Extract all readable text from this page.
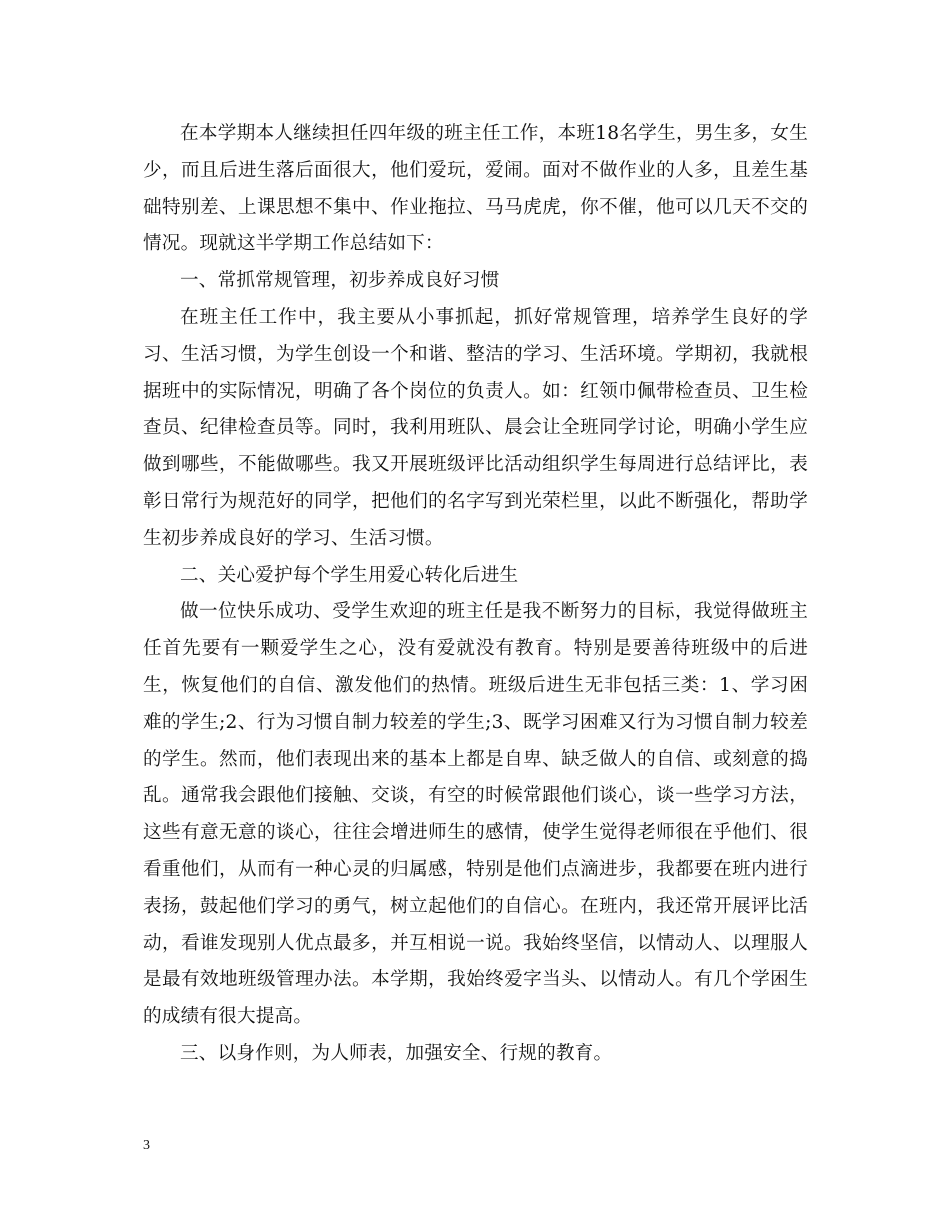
在本学期本人继续担任四年级的班主任工作，本班18名学生，男生多，女生少，而且后进生落后面很大，他们爱玩，爱闹。面对不做作业的人多，且差生基础特别差、上课思想不集中、作业拖拉、马马虎虎，你不催，他可以几天不交的情况。现就这半学期工作总结如下：

一、常抓常规管理，初步养成良好习惯

在班主任工作中，我主要从小事抓起，抓好常规管理，培养学生良好的学习、生活习惯，为学生创设一个和谐、整洁的学习、生活环境。学期初，我就根据班中的实际情况，明确了各个岗位的负责人。如：红领巾佩带检查员、卫生检查员、纪律检查员等。同时，我利用班队、晨会让全班同学讨论，明确小学生应做到哪些，不能做哪些。我又开展班级评比活动组织学生每周进行总结评比，表彰日常行为规范好的同学，把他们的名字写到光荣栏里，以此不断强化，帮助学生初步养成良好的学习、生活习惯。

二、关心爱护每个学生用爱心转化后进生

做一位快乐成功、受学生欢迎的班主任是我不断努力的目标，我觉得做班主任首先要有一颗爱学生之心，没有爱就没有教育。特别是要善待班级中的后进生，恢复他们的自信、激发他们的热情。班级后进生无非包括三类：1、学习困难的学生;2、行为习惯自制力较差的学生;3、既学习困难又行为习惯自制力较差的学生。然而，他们表现出来的基本上都是自卑、缺乏做人的自信、或刻意的捣乱。通常我会跟他们接触、交谈，有空的时候常跟他们谈心，谈一些学习方法，这些有意无意的谈心，往往会增进师生的感情，使学生觉得老师很在乎他们、很看重他们，从而有一种心灵的归属感，特别是他们点滴进步，我都要在班内进行表扬，鼓起他们学习的勇气，树立起他们的自信心。在班内，我还常开展评比活动，看谁发现别人优点最多，并互相说一说。我始终坚信，以情动人、以理服人是最有效地班级管理办法。本学期，我始终爱字当头、以情动人。有几个学困生的成绩有很大提高。

三、以身作则，为人师表，加强安全、行规的教育。

3
